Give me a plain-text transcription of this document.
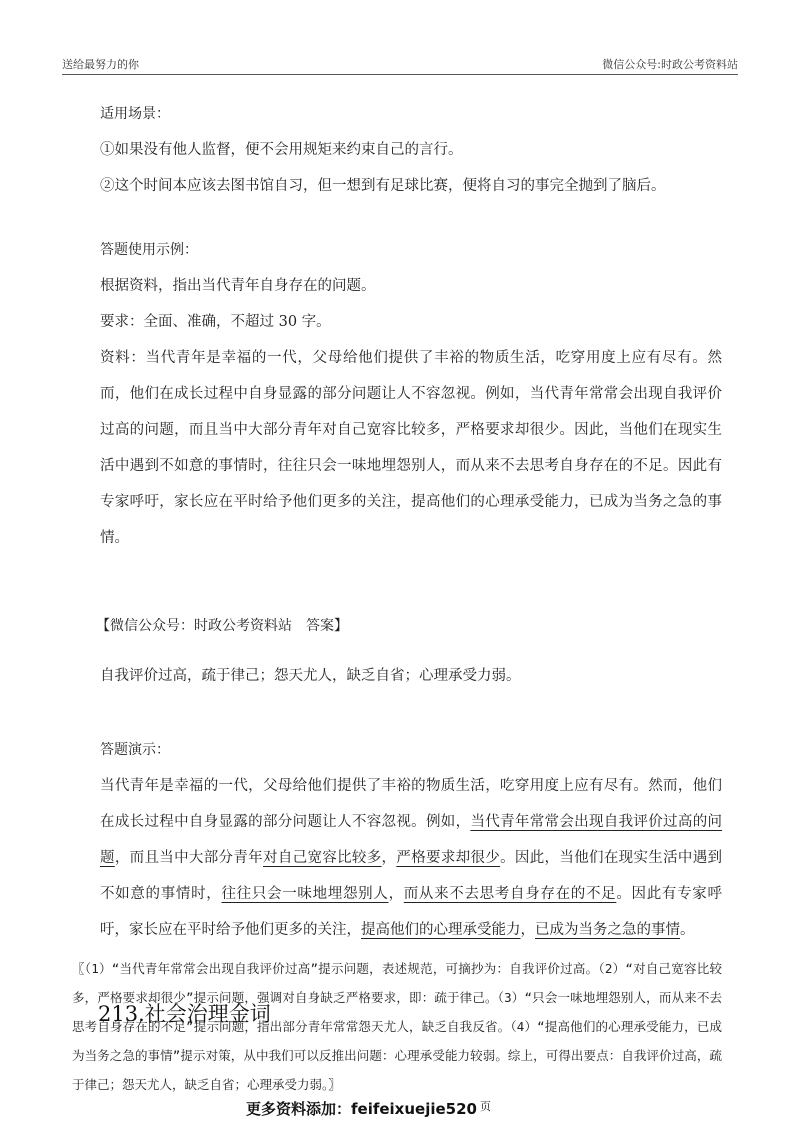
送给最努力的你	微信公众号:时政公考资料站

适用场景：

①如果没有他人监督，便不会用规矩来约束自己的言行。

②这个时间本应该去图书馆自习，但一想到有足球比赛，便将自习的事完全抛到了脑后。

答题使用示例：

根据资料，指出当代青年自身存在的问题。

要求：全面、准确，不超过 30 字。

资料：当代青年是幸福的一代，父母给他们提供了丰裕的物质生活，吃穿用度上应有尽有。然而，他们在成长过程中自身显露的部分问题让人不容忽视。例如，当代青年常常会出现自我评价过高的问题，而且当中大部分青年对自己宽容比较多，严格要求却很少。因此，当他们在现实生活中遇到不如意的事情时，往往只会一味地埋怨别人，而从来不去思考自身存在的不足。因此有专家呼吁，家长应在平时给予他们更多的关注，提高他们的心理承受能力，已成为当务之急的事情。

【微信公众号：时政公考资料站　答案】

自我评价过高，疏于律己；怨天尤人，缺乏自省；心理承受力弱。

答题演示：

当代青年是幸福的一代，父母给他们提供了丰裕的物质生活，吃穿用度上应有尽有。然而，他们在成长过程中自身显露的部分问题让人不容忽视。例如，当代青年常常会出现自我评价过高的问题，而且当中大部分青年对自己宽容比较多，严格要求却很少。因此，当他们在现实生活中遇到不如意的事情时，往往只会一味地埋怨别人，而从来不去思考自身存在的不足。因此有专家呼吁，家长应在平时给予他们更多的关注，提高他们的心理承受能力，已成为当务之急的事情。

〖（1）“当代青年常常会出现自我评价过高”提示问题，表述规范，可摘抄为：自我评价过高。（2）“对自己宽容比较多，严格要求却很少”提示问题，强调对自身缺乏严格要求，即：疏于律己。（3）“只会一味地埋怨别人，而从来不去思考自身存在的不足”提示问题，指出部分青年常常怨天尤人，缺乏自我反省。（4）“提高他们的心理承受能力，已成为当务之急的事情”提示对策，从中我们可以反推出问题：心理承受能力较弱。综上，可得出要点：自我评价过高，疏于律己；怨天尤人，缺乏自省；心理承受力弱。〗

213.社会治理金词
更多资料添加：feifeixuejie520 $^页$
